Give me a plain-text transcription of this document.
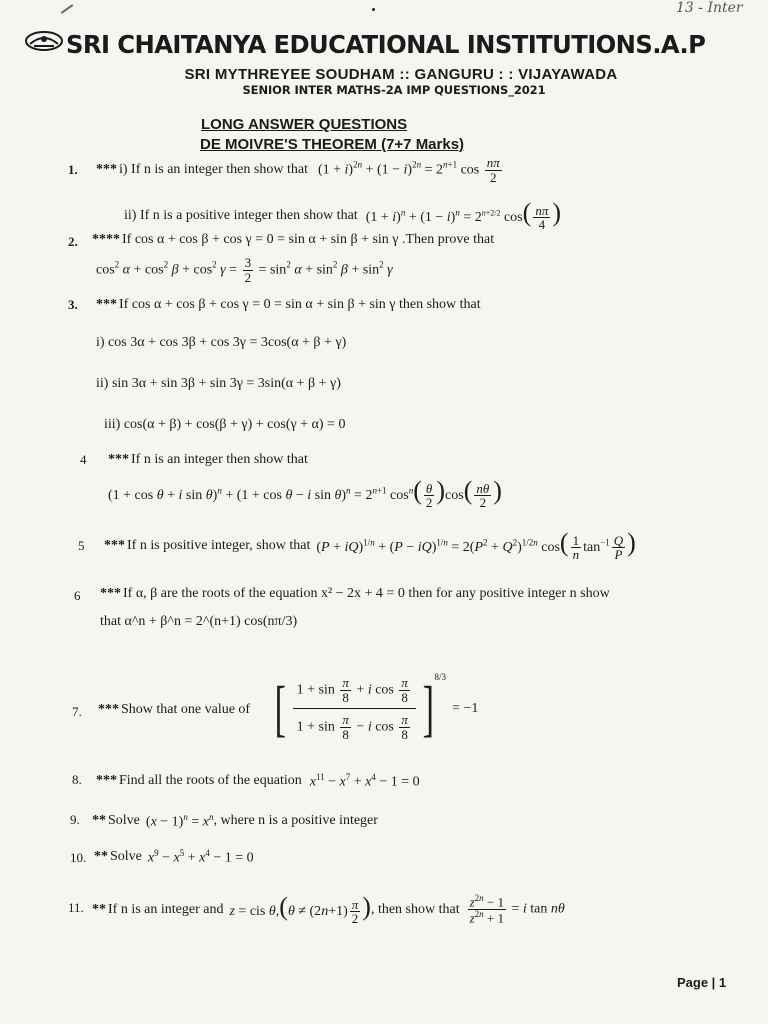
13 - Inter
SRI CHAITANYA EDUCATIONAL INSTITUTIONS.A.P
SRI MYTHREYEE SOUDHAM :: GANGURU : : VIJAYAWADA
SENIOR INTER MATHS-2A IMP QUESTIONS_2021
LONG ANSWER QUESTIONS
DE MOIVRE'S THEOREM (7+7 Marks)
1. *** i) If n is an integer then show that $(1 + i)^{2n} + (1 - i)^{2n} = 2^{n+1}$ $\cos \frac{n\pi}{2}$
ii) If n is a positive integer then show that $(1 + i)^n + (1 - i)^n = 2^{n+2/2}$ $\cos( \frac{n\pi}{4}$ )
2. **** If cos α + cos β + cos γ = 0 = sin α + sin β + sin γ .Then prove that
$\cos^2 \alpha + \cos^2 \beta + \cos^2 \gamma = \frac{3}{2} = \sin^2 \alpha + \sin^2 \beta + \sin^2 \gamma$
3. *** If cos α + cos β + cos γ = 0 = sin α + sin β + sin γ then show that
i) cos 3α + cos 3β + cos 3γ = 3cos(α + β + γ)
ii) sin 3α + sin 3β + sin 3γ = 3sin(α + β + γ)
iii) cos(α + β) + cos(β + γ) + cos(γ + α) = 0
4 *** If n is an integer then show that
(1 + cos θ + i sin θ)$^n$ + (1 + cos θ − i $\sin \theta)^n = 2^{n+1}$ $\cos^n( \frac{\theta}{2} )\cos( \frac{n\theta}{2}$ )
5 *** If n is positive integer, show that $(P + iQ)^{1/n} + (P - iQ)^{1/n} = 2(P^2 + Q^2)^{1/2n}$ $\cos( \frac{1}{n} \tan^{-1} \frac{Q}{P}$ )
6 *** If α, β are the roots of the equation x² − 2x + 4 = 0 then for any positive integer n show
that α^n + β^n = 2^(n+1) cos(nπ/3)
7. *** Show that one value of [ $\frac{1 + \sin \frac{\pi}{8} + i \cos \frac{\pi}{8}}{1 + \sin \frac{\pi}{8} - i \cos \frac{\pi}{8}} ]^{8/3}$
= −1
8. *** Find all the roots of the equation $x^{11} - x^7 + x^4 - 1 = 0$
9. ** Solve $(x - 1)^n = x^n$ , where n is a positive integer
10. ** Solve $x^9 - x^5 + x^4 - 1 = 0$
11. ** If n is an integer and z = cis $\theta,(\theta \ne (2n+1) \frac{\pi}{2}$ ) , then show that $\frac{z^{2n} - 1}{z^{2n} + 1} = i$ tan nθ
Page | 1
